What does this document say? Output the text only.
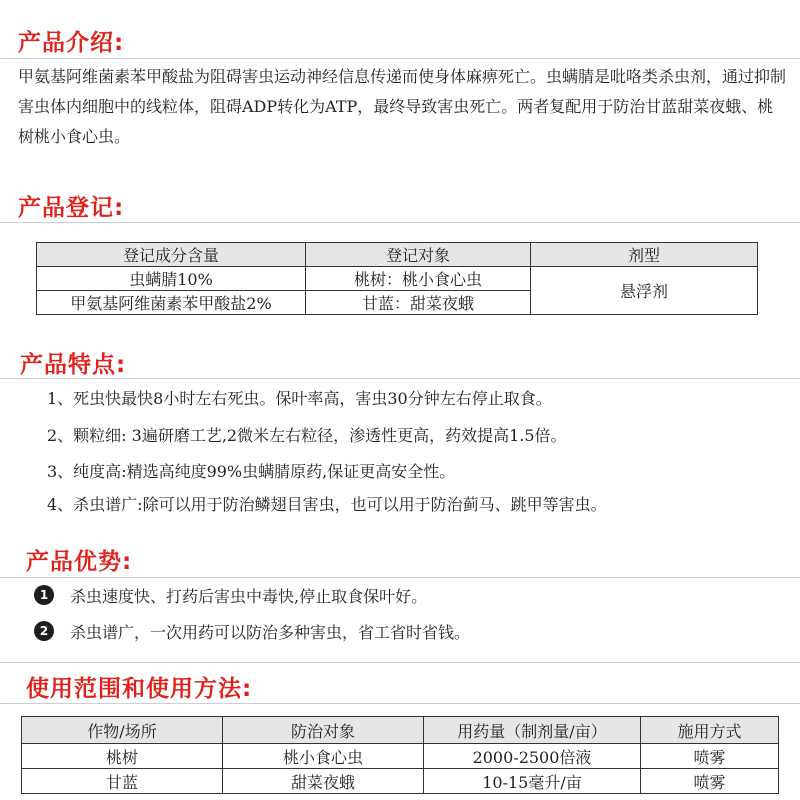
产品介绍:
甲氨基阿维菌素苯甲酸盐为阻碍害虫运动神经信息传递而使身体麻痹死亡。虫螨腈是吡咯类杀虫剂，通过抑制害虫体内细胞中的线粒体，阻碍ADP转化为ATP，最终导致害虫死亡。两者复配用于防治甘蓝甜菜夜蛾、桃树桃小食心虫。
产品登记:
登记成分含量	登记对象	剂型
虫螨腈10%	桃树：桃小食心虫	悬浮剂
甲氨基阿维菌素苯甲酸盐2%	甘蓝：甜菜夜蛾	
产品特点:
1、死虫快最快8小时左右死虫。保叶率高，害虫30分钟左右停止取食。
2、颗粒细: 3遍研磨工艺,2微米左右粒径，渗透性更高，药效提高1.5倍。
3、纯度高:精选高纯度99%虫螨腈原药,保证更高安全性。
4、杀虫谱广:除可以用于防治鳞翅目害虫，也可以用于防治蓟马、跳甲等害虫。
产品优势:
1	杀虫速度快、打药后害虫中毒快,停止取食保叶好。
2	杀虫谱广，一次用药可以防治多种害虫，省工省时省钱。
使用范围和使用方法:
作物/场所	防治对象	用药量（制剂量/亩）	施用方式
桃树	桃小食心虫	2000-2500倍液	喷雾
甘蓝	甜菜夜蛾	10-15毫升/亩	喷雾
